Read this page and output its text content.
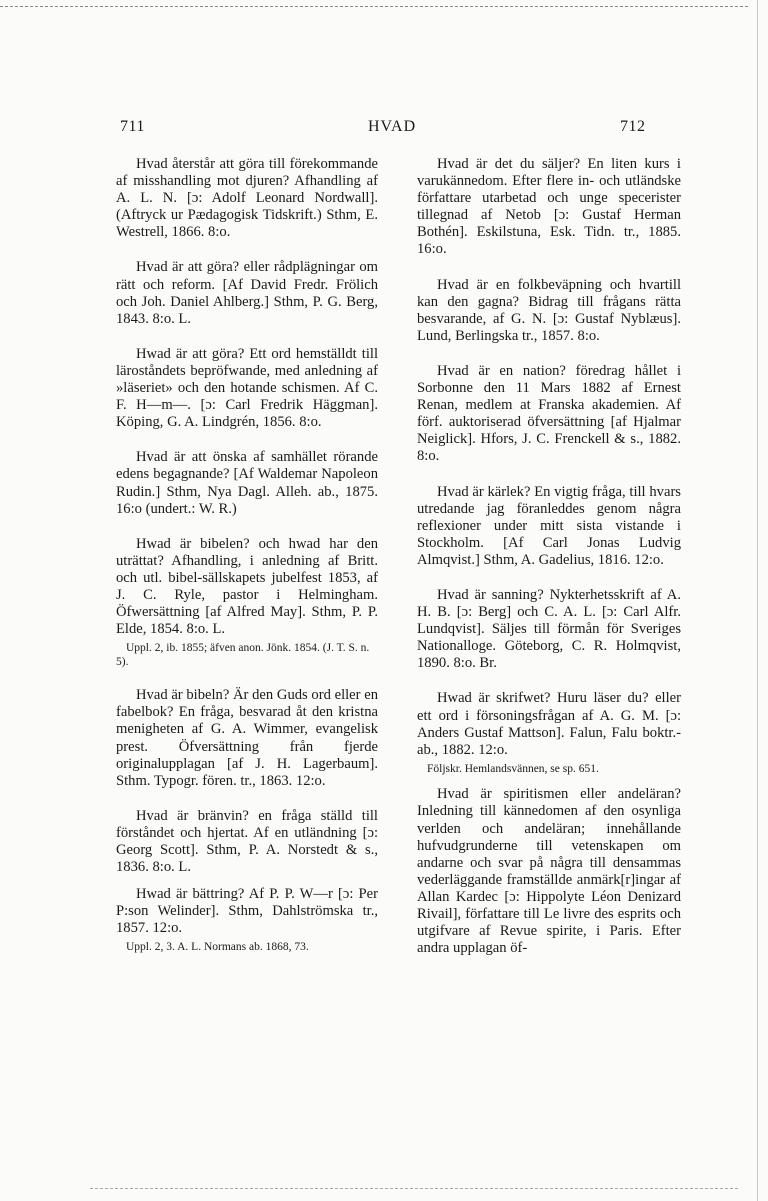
711	HVAD	712

Hvad återstår att göra till förekommande af misshandling mot djuren? Afhandling af A. L. N. [ɔ: Adolf Leonard Nordwall]. (Aftryck ur Pædagogisk Tidskrift.) Sthm, E. Westrell, 1866. 8:o.

Hvad är att göra? eller rådplägningar om rätt och reform. [Af David Fredr. Frölich och Joh. Daniel Ahlberg.] Sthm, P. G. Berg, 1843. 8:o. L.

Hwad är att göra? Ett ord hemställdt till läroståndets bepröfwande, med anledning af »läseriet» och den hotande schismen. Af C. F. H—m—. [ɔ: Carl Fredrik Häggman]. Köping, G. A. Lindgrén, 1856. 8:o.

Hvad är att önska af samhället rörande edens begagnande? [Af Waldemar Napoleon Rudin.] Sthm, Nya Dagl. Alleh. ab., 1875. 16:o (undert.: W. R.)

Hwad är bibelen? och hwad har den uträttat? Afhandling, i anledning af Britt. och utl. bibel-sällskapets jubelfest 1853, af J. C. Ryle, pastor i Helmingham. Öfwersättning [af Alfred May]. Sthm, P. P. Elde, 1854. 8:o. L.

Uppl. 2, ib. 1855; äfven anon. Jönk. 1854. (J. T. S. n. 5).

Hvad är bibeln? Är den Guds ord eller en fabelbok? En fråga, besvarad åt den kristna menigheten af G. A. Wimmer, evangelisk prest. Öfversättning från fjerde originalupplagan [af J. H. Lagerbaum]. Sthm. Typogr. fören. tr., 1863. 12:o.

Hvad är bränvin? en fråga ställd till förståndet och hjertat. Af en utländning [ɔ: Georg Scott]. Sthm, P. A. Norstedt & s., 1836. 8:o. L.

Hwad är bättring? Af P. P. W—r [ɔ: Per P:son Welinder]. Sthm, Dahlströmska tr., 1857. 12:o.

Uppl. 2, 3. A. L. Normans ab. 1868, 73.

Hvad är det du säljer? En liten kurs i varukännedom. Efter flere in- och utländske författare utarbetad och unge specerister tillegnad af Netob [ɔ: Gustaf Herman Bothén]. Eskilstuna, Esk. Tidn. tr., 1885. 16:o.

Hvad är en folkbeväpning och hvartill kan den gagna? Bidrag till frågans rätta besvarande, af G. N. [ɔ: Gustaf Nyblæus]. Lund, Berlingska tr., 1857. 8:o.

Hvad är en nation? föredrag hållet i Sorbonne den 11 Mars 1882 af Ernest Renan, medlem at Franska akademien. Af förf. auktoriserad öfversättning [af Hjalmar Neiglick]. Hfors, J. C. Frenckell & s., 1882. 8:o.

Hvad är kärlek? En vigtig fråga, till hvars utredande jag föranleddes genom några reflexioner under mitt sista vistande i Stockholm. [Af Carl Jonas Ludvig Almqvist.] Sthm, A. Gadelius, 1816. 12:o.

Hvad är sanning? Nykterhetsskrift af A. H. B. [ɔ: Berg] och C. A. L. [ɔ: Carl Alfr. Lundqvist]. Säljes till förmån för Sveriges Nationalloge. Göteborg, C. R. Holmqvist, 1890. 8:o. Br.

Hwad är skrifwet? Huru läser du? eller ett ord i försoningsfrågan af A. G. M. [ɔ: Anders Gustaf Mattson]. Falun, Falu boktr.-ab., 1882. 12:o.

Följskr. Hemlandsvännen, se sp. 651.

Hvad är spiritismen eller andeläran? Inledning till kännedomen af den osynliga verlden och andeläran; innehållande hufvudgrunderne till vetenskapen om andarne och svar på några till densammas vederläggande framställde anmärk[r]ingar af Allan Kardec [ɔ: Hippolyte Léon Denizard Rivail], författare till Le livre des esprits och utgifvare af Revue spirite, i Paris. Efter andra upplagan öf-
